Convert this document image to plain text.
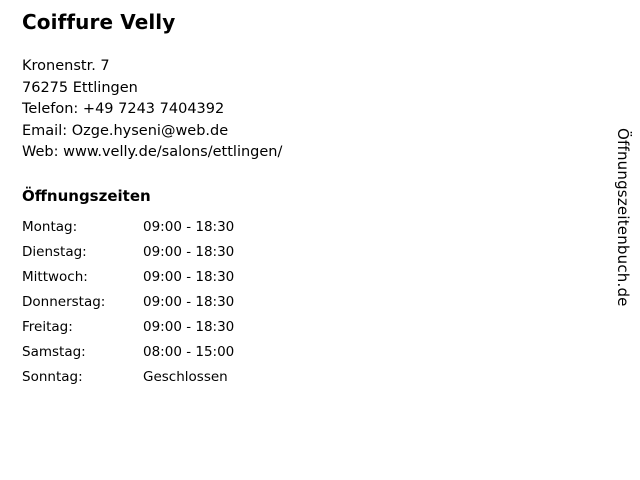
Coiffure Velly
Kronenstr. 7
76275 Ettlingen
Telefon: +49 7243 7404392
Email: Ozge.hyseni@web.de
Web: www.velly.de/salons/ettlingen/
Öffnungszeiten
Montag:	09:00 - 18:30
Dienstag:	09:00 - 18:30
Mittwoch:	09:00 - 18:30
Donnerstag:	09:00 - 18:30
Freitag:	09:00 - 18:30
Samstag:	08:00 - 15:00
Sonntag:	Geschlossen
Öffnungszeitenbuch.de
